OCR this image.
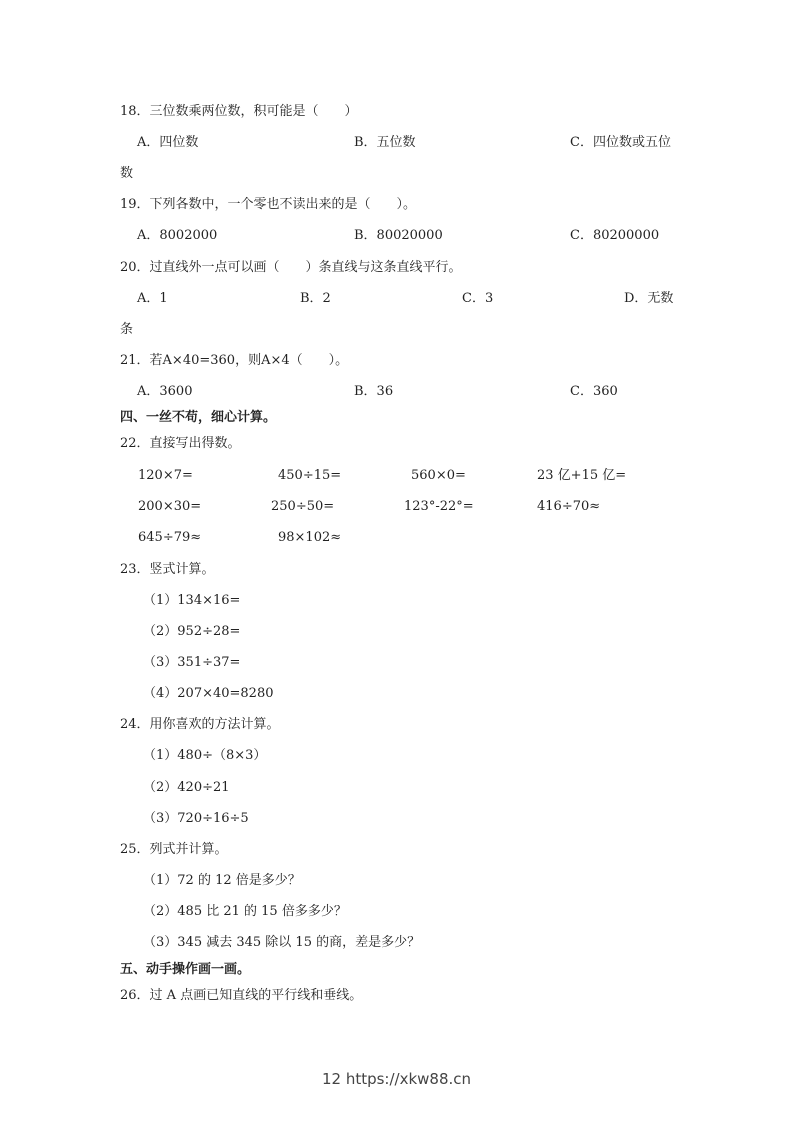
18．三位数乘两位数，积可能是（　　）
A．四位数	B．五位数	C．四位数或五位
数
19．下列各数中，一个零也不读出来的是（　　）。
A．8002000	B．80020000	C．80200000
20．过直线外一点可以画（　　）条直线与这条直线平行。
A．1	B．2	C．3	D．无数
条
21．若A×40=360，则A×4（　　）。
A．3600	B．36	C．360
四、一丝不苟，细心计算。
22．直接写出得数。
120×7=	450÷15=	560×0=	23 亿+15 亿=
200×30=	250÷50=	123°-22°=	416÷70≈
645÷79≈	98×102≈
23．竖式计算。
（1）134×16=
（2）952÷28=
（3）351÷37=
（4）207×40=8280
24．用你喜欢的方法计算。
（1）480÷（8×3）
（2）420÷21
（3）720÷16÷5
25．列式并计算。
（1）72 的 12 倍是多少？
（2）485 比 21 的 15 倍多多少？
（3）345 减去 345 除以 15 的商，差是多少？
五、动手操作画一画。
26．过 A 点画已知直线的平行线和垂线。
12 https://xkw88.cn
